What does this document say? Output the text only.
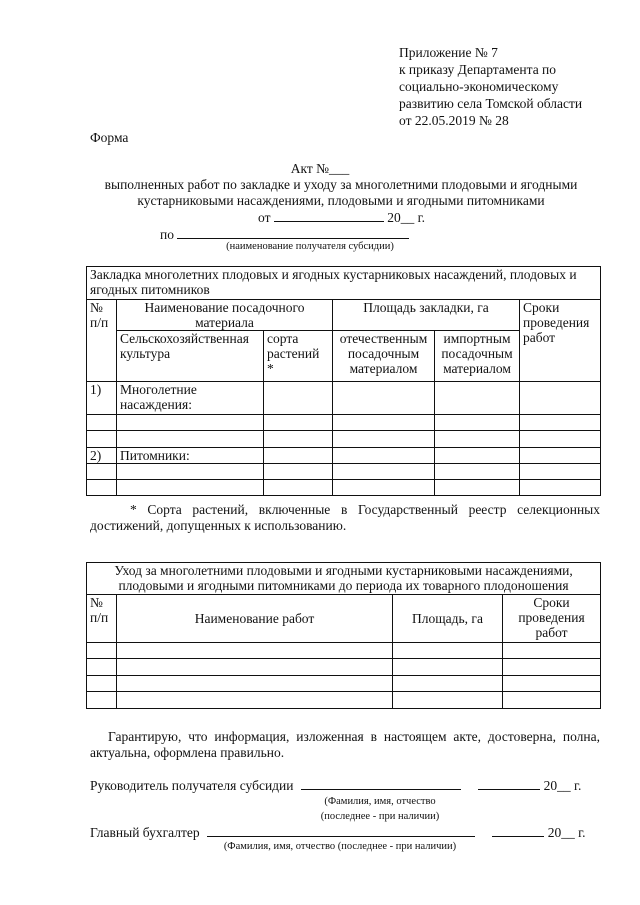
Приложение № 7
к приказу Департамента по
социально-экономическому
развитию села Томской области
от 22.05.2019 № 28
Форма
Акт №___
выполненных работ по закладке и уходу за многолетними плодовыми и ягодными
кустарниковыми насаждениями, плодовыми и ягодными питомниками
от	20__ г.
по
(наименование получателя субсидии)
Закладка многолетних плодовых и ягодных кустарниковых насаждений, плодовых и ягодных питомников					
№ п/п	Наименование посадочного материала		Площадь закладки, га		Сроки проведения работ
	Сельскохозяйственная культура	сорта растений *	отечественным посадочным материалом	импортным посадочным материалом	
1)	Многолетние насаждения:				

2)	Питомники:				

* Сорта растений, включенные в Государственный реестр селекционных
достижений, допущенных к использованию.
Уход за многолетними плодовыми и ягодными кустарниковыми насаждениями,
плодовыми и ягодными питомниками до периода их товарного плодоношения			

№ п/п	Наименование работ	Площадь, га	Сроки проведения работ

Гарантирую, что информация, изложенная в настоящем акте, достоверна, полна,
актуальна, оформлена правильно.
Руководитель получателя субсидии	20__ г.
(Фамилия, имя, отчество
(последнее - при наличии)
Главный бухгалтер	20__ г.
(Фамилия, имя, отчество (последнее - при наличии)
